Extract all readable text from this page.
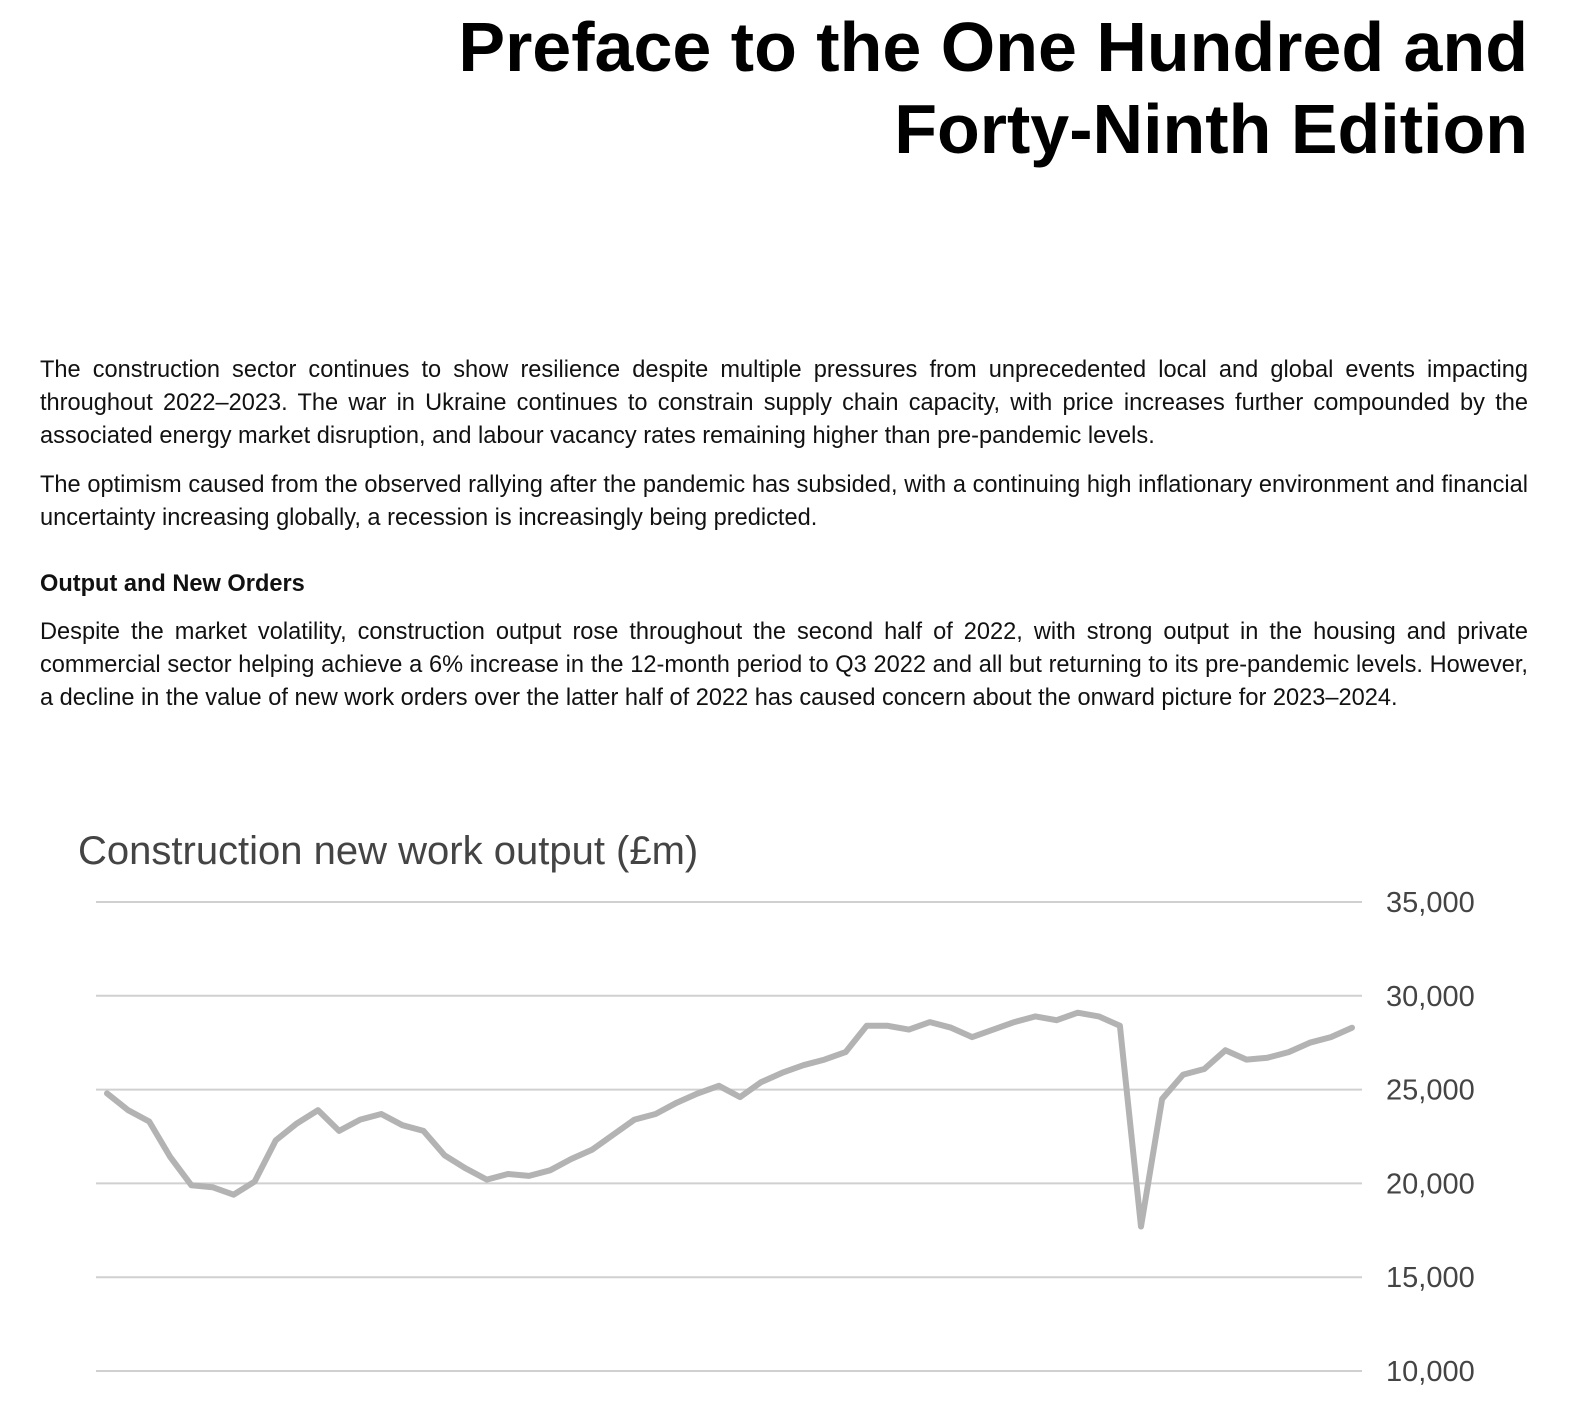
Preface to the One Hundred and
Forty-Ninth Edition

The construction sector continues to show resilience despite multiple pressures from unprecedented local and global events impacting throughout 2022–2023. The war in Ukraine continues to constrain supply chain capacity, with price increases further compounded by the associated energy market disruption, and labour vacancy rates remaining higher than pre-pandemic levels.

The optimism caused from the observed rallying after the pandemic has subsided, with a continuing high inflationary environment and financial uncertainty increasing globally, a recession is increasingly being predicted.

Output and New Orders

Despite the market volatility, construction output rose throughout the second half of 2022, with strong output in the housing and private commercial sector helping achieve a 6% increase in the 12-month period to Q3 2022 and all but returning to its pre-pandemic levels. However, a decline in the value of new work orders over the latter half of 2022 has caused concern about the onward picture for 2023–2024.

Construction new work output (£m)
35,000
30,000
25,000
20,000
15,000
10,000
